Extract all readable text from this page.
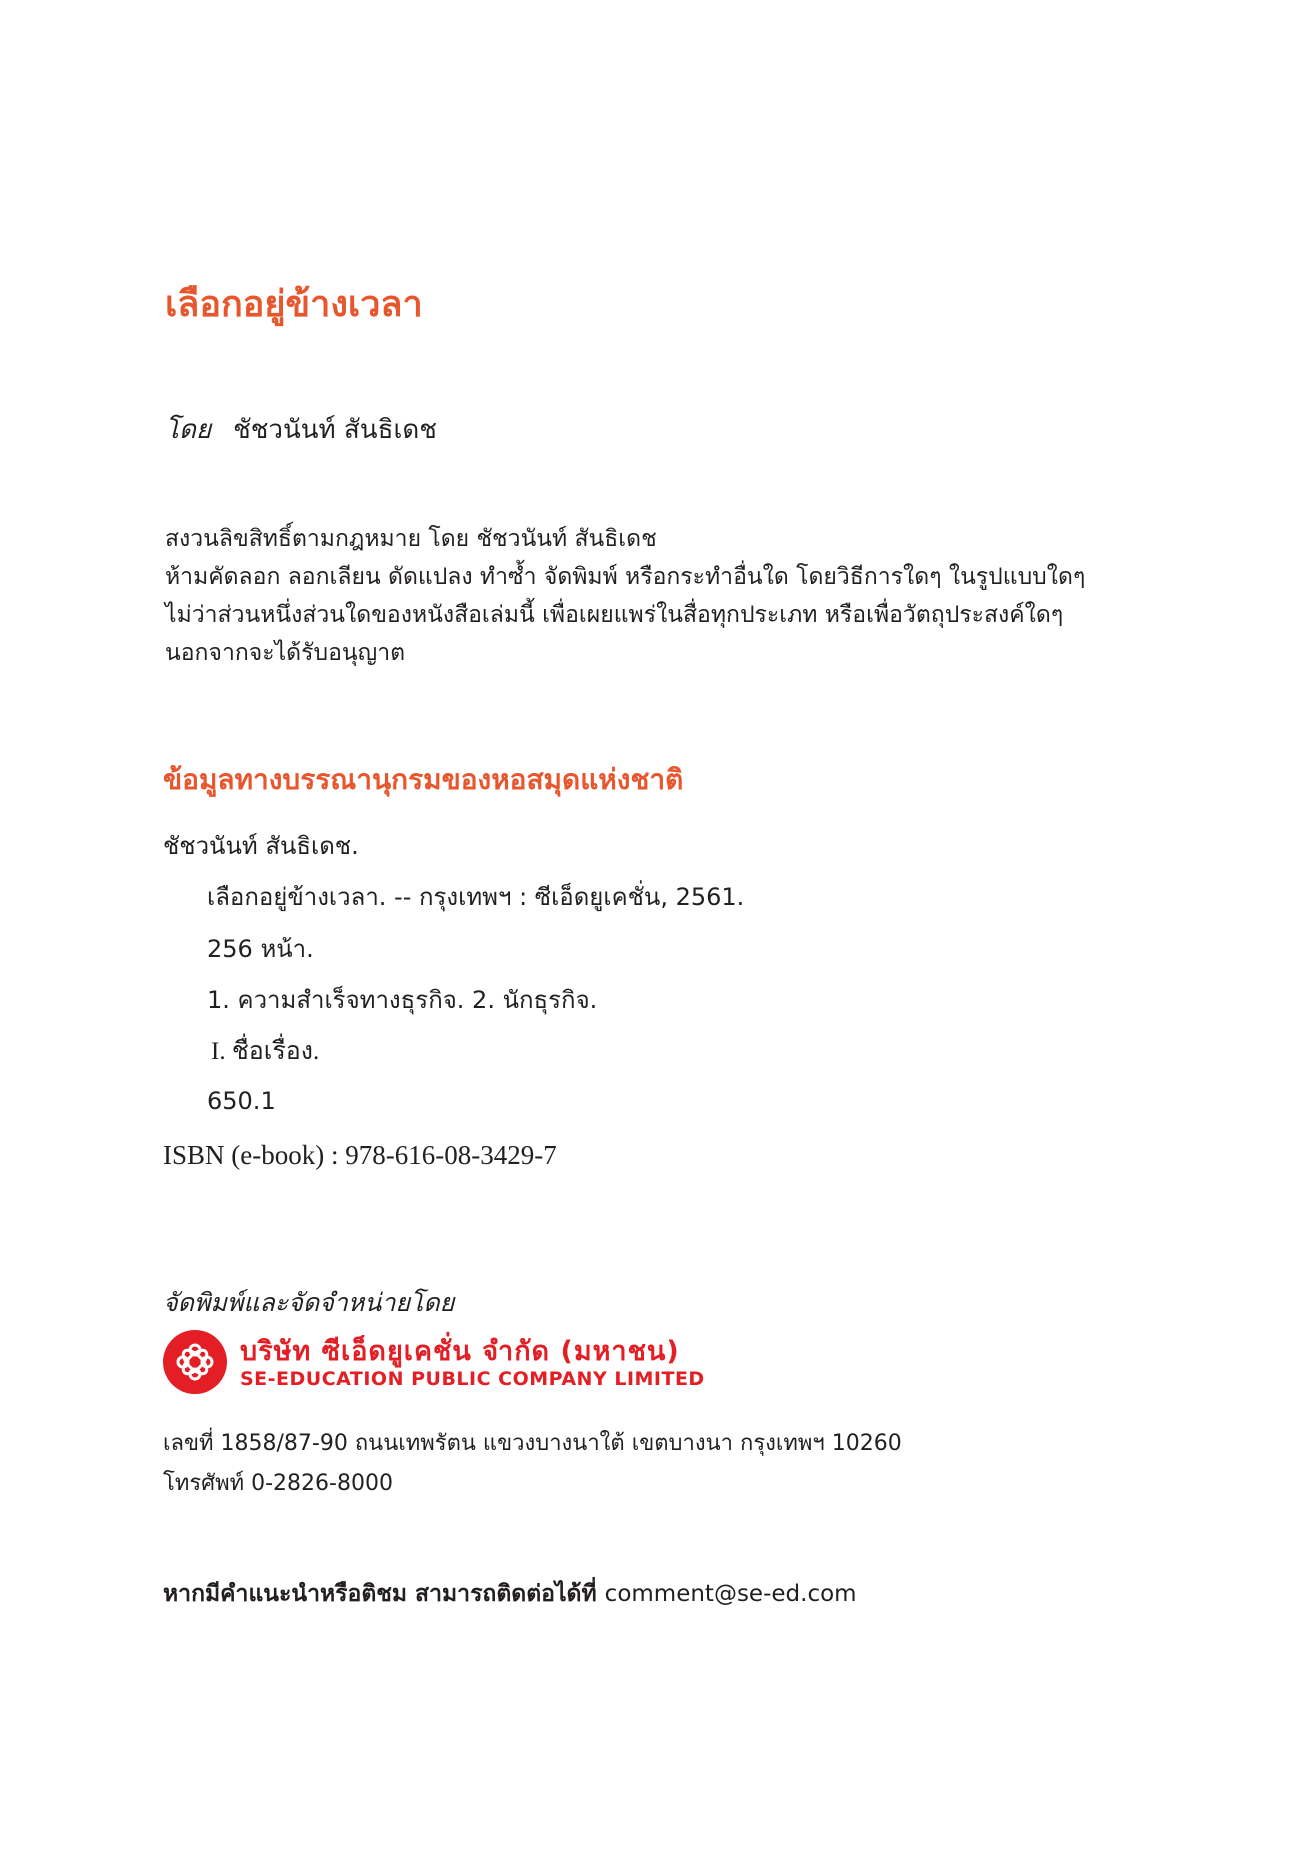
เลือกอยู่ข้างเวลา
โดย ชัชวนันท์ สันธิเดช
สงวนลิขสิทธิ์ตามกฎหมาย โดย ชัชวนันท์ สันธิเดช
ห้ามคัดลอก ลอกเลียน ดัดแปลง ทำซ้ำ จัดพิมพ์ หรือกระทำอื่นใด โดยวิธีการใดๆ ในรูปแบบใดๆ
ไม่ว่าส่วนหนึ่งส่วนใดของหนังสือเล่มนี้ เพื่อเผยแพร่ในสื่อทุกประเภท หรือเพื่อวัตถุประสงค์ใดๆ
นอกจากจะได้รับอนุญาต
ข้อมูลทางบรรณานุกรมของหอสมุดแห่งชาติ
ชัชวนันท์ สันธิเดช.
เลือกอยู่ข้างเวลา. -- กรุงเทพฯ : ซีเอ็ดยูเคชั่น, 2561.
256 หน้า.
1. ความสำเร็จทางธุรกิจ. 2. นักธุรกิจ.
I. ชื่อเรื่อง.
650.1
ISBN (e-book) : 978-616-08-3429-7
จัดพิมพ์และจัดจำหน่ายโดย
บริษัท ซีเอ็ดยูเคชั่น จำกัด (มหาชน)
SE-EDUCATION PUBLIC COMPANY LIMITED
เลขที่ 1858/87-90 ถนนเทพรัตน แขวงบางนาใต้ เขตบางนา กรุงเทพฯ 10260
โทรศัพท์ 0-2826-8000
หากมีคำแนะนำหรือติชม สามารถติดต่อได้ที่ comment@se-ed.com
